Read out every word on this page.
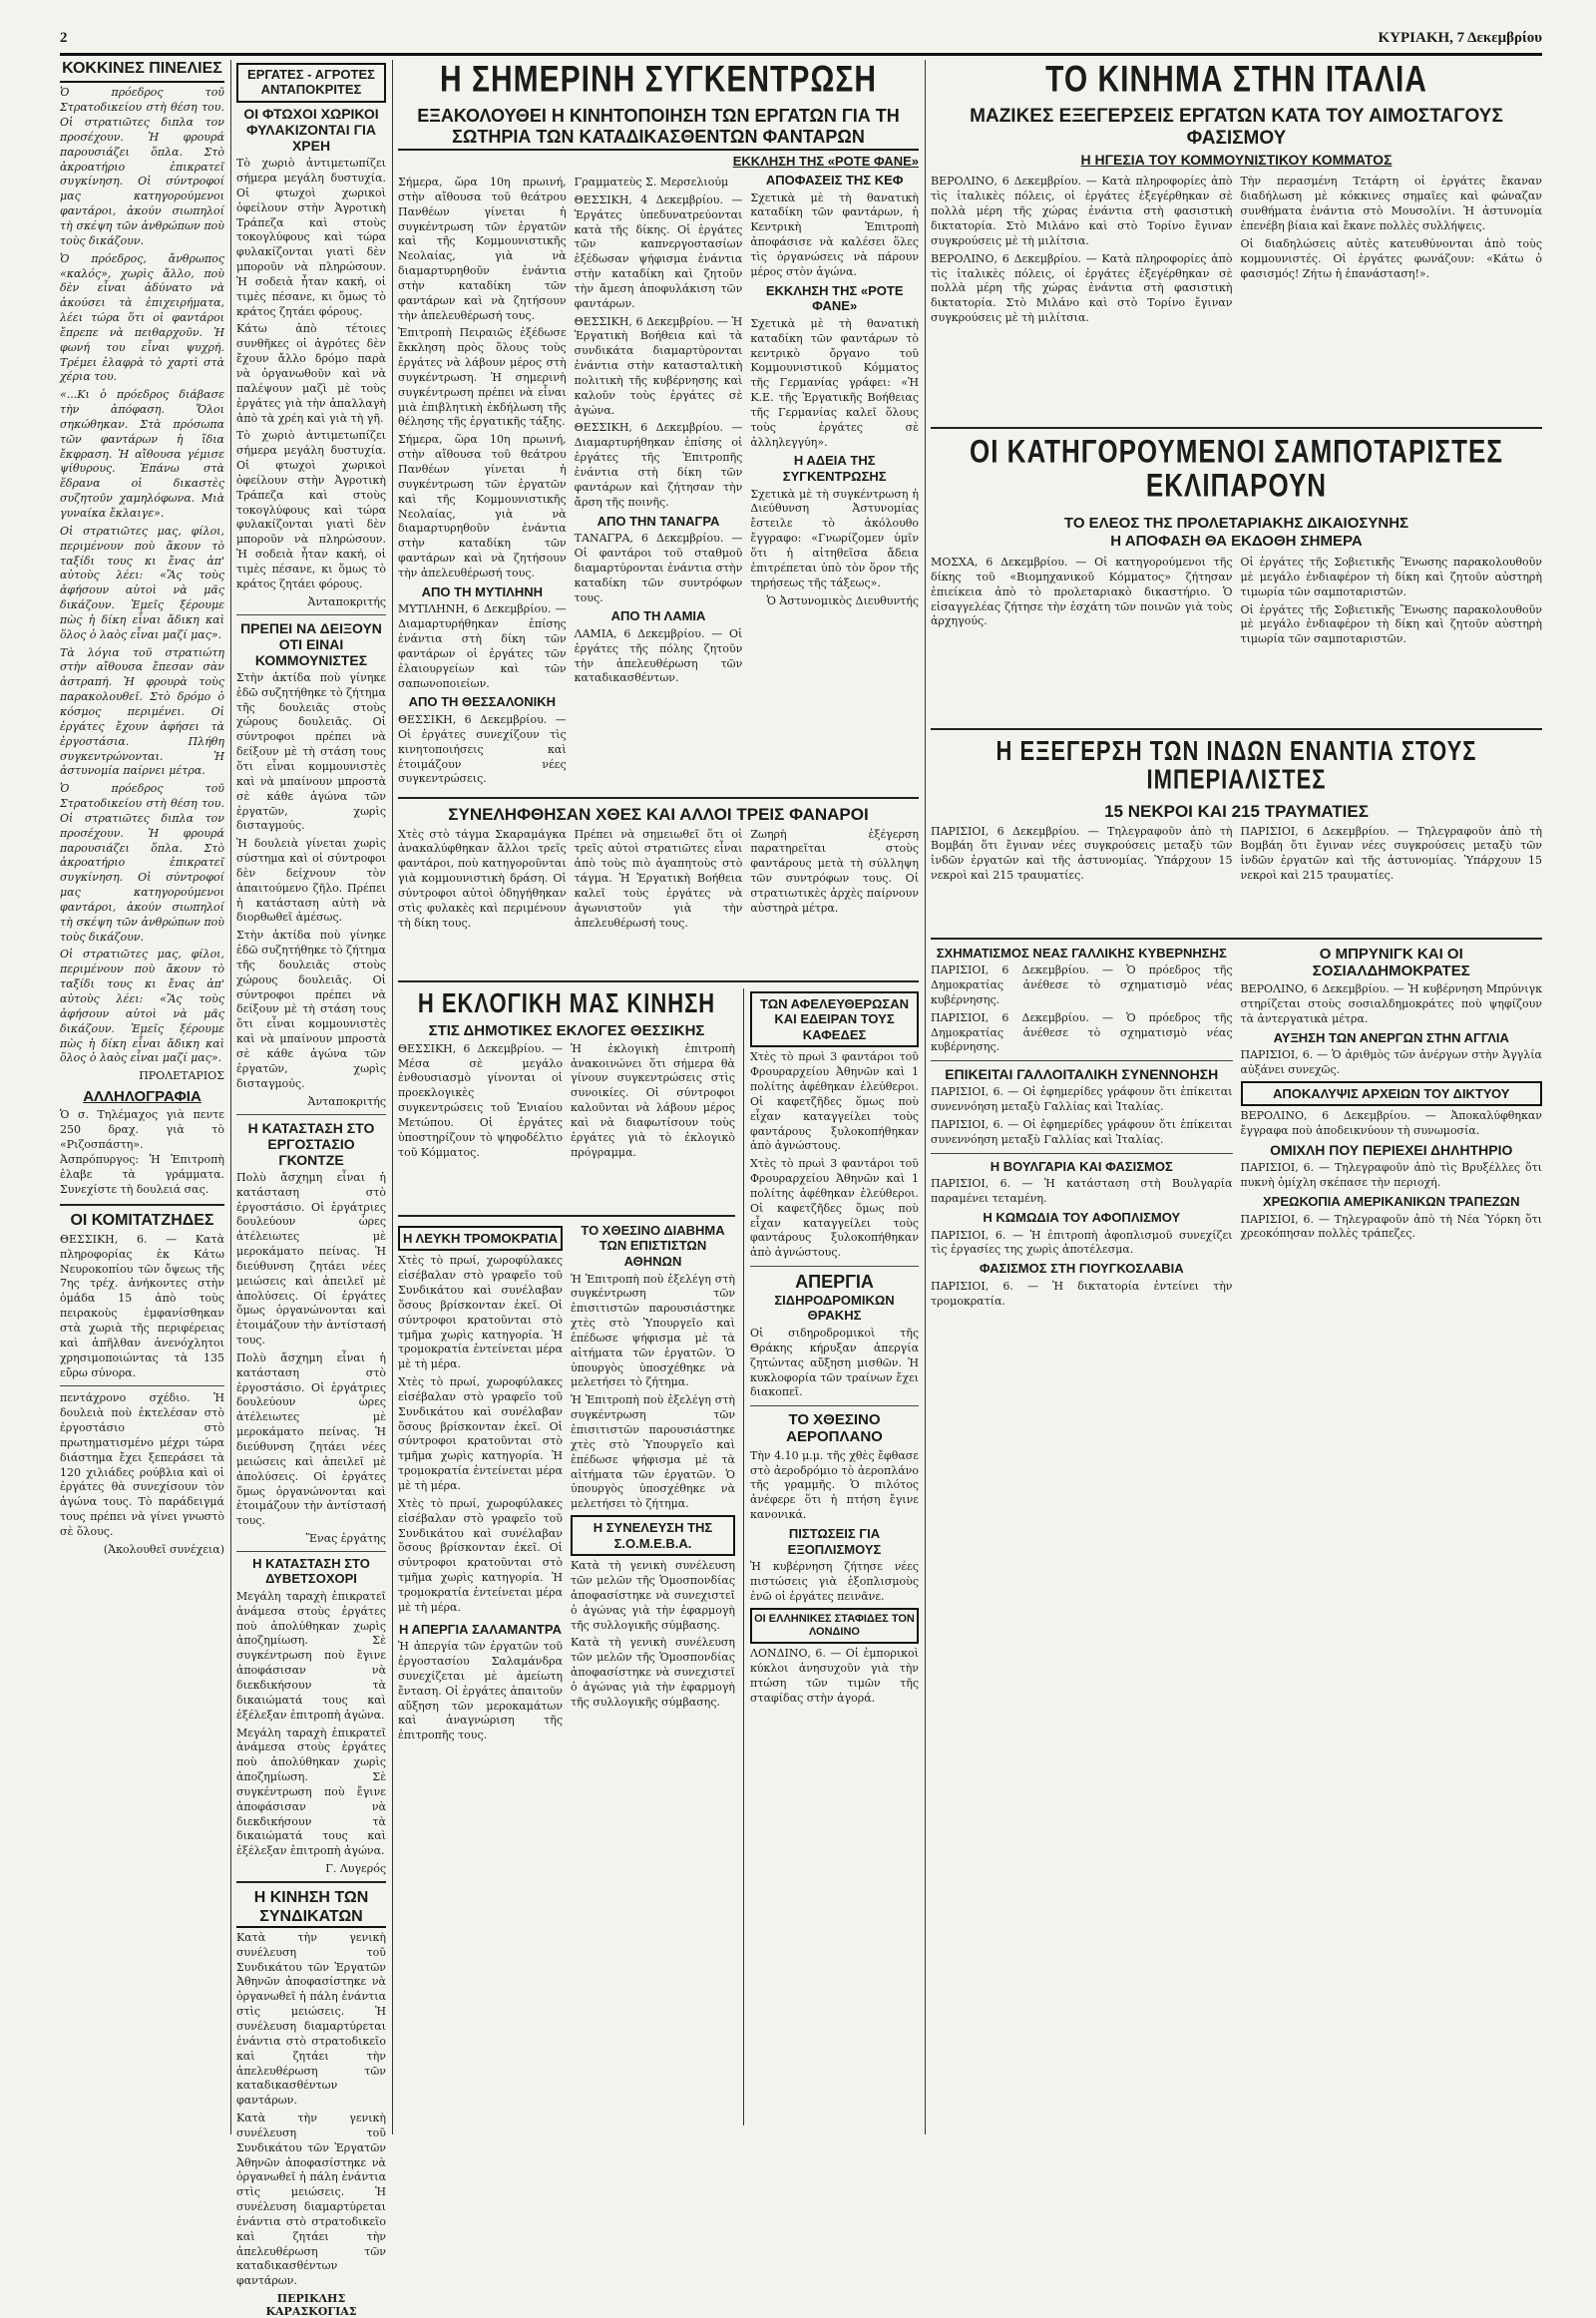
2	ΚΥΡΙΑΚΗ, 7 Δεκεμβρίου
ΚΟΚΚΙΝΕΣ ΠΙΝΕΛΙΕΣ

Ὁ πρόεδρος τοῦ Στρατοδικείου στὴ θέση του. Οἱ στρατιῶτες διπλα τον προσέχουν. Ἡ φρουρά παρουσιάζει ὅπλα. Στὸ ἀκροατήριο ἐπικρατεῖ συγκίνηση. Οἱ σύντροφοί μας κατηγορούμενοι φαντάροι, ἀκούν σιωπηλοί τὴ σκέψη τῶν ἀνθρώπων ποὺ τοὺς δικάζουν.

Ὁ πρόεδρος, ἄνθρωπος «καλός», χωρὶς ἄλλο, ποὺ δὲν εἶναι ἀδύνατο νὰ ἀκούσει τὰ ἐπιχειρήματα, λέει τώρα ὅτι οἱ φαντάροι ἔπρεπε νὰ πειθαρχοῦν. Ἡ φωνή του εἶναι ψυχρή. Τρέμει ἐλαφρὰ τὸ χαρτὶ στὰ χέρια του.

«...Κι ὁ πρόεδρος διάβασε τὴν ἀπόφαση. Ὅλοι σηκώθηκαν. Στὰ πρόσωπα τῶν φαντάρων ἡ ἴδια ἔκφραση. Ἡ αἴθουσα γέμισε ψίθυρους. Ἐπάνω στὰ ἕδρανα οἱ δικαστὲς συζητοῦν χαμηλόφωνα. Μιὰ γυναίκα ἔκλαιγε».

Οἱ στρατιῶτες μας, φίλοι, περιμένουν ποὺ ἄκουν τὸ ταξίδι τους κι ἔνας ἀπ' αὐτοὺς λέει: «Ἂς τοὺς ἀφήσουν αὐτοὶ νὰ μᾶς δικάζουν. Ἐμεῖς ξέρουμε πὼς ἡ δίκη εἶναι ἄδικη καὶ ὅλος ὁ λαὸς εἶναι μαζί μας».

Τὰ λόγια τοῦ στρατιώτη στὴν αἴθουσα ἔπεσαν σὰν ἀστραπή. Ἡ φρουρὰ τοὺς παρακολουθεῖ. Στὸ δρόμο ὁ κόσμος περιμένει. Οἱ ἐργάτες ἔχουν ἀφήσει τὰ ἐργοστάσια. Πλήθη συγκεντρώνονται. Ἡ ἀστυνομία παίρνει μέτρα.

Ὁ πρόεδρος τοῦ Στρατοδικείου στὴ θέση του. Οἱ στρατιῶτες διπλα τον προσέχουν. Ἡ φρουρά παρουσιάζει ὅπλα. Στὸ ἀκροατήριο ἐπικρατεῖ συγκίνηση. Οἱ σύντροφοί μας κατηγορούμενοι φαντάροι, ἀκούν σιωπηλοί τὴ σκέψη τῶν ἀνθρώπων ποὺ τοὺς δικάζουν.

Οἱ στρατιῶτες μας, φίλοι, περιμένουν ποὺ ἄκουν τὸ ταξίδι τους κι ἔνας ἀπ' αὐτοὺς λέει: «Ἂς τοὺς ἀφήσουν αὐτοὶ νὰ μᾶς δικάζουν. Ἐμεῖς ξέρουμε πὼς ἡ δίκη εἶναι ἄδικη καὶ ὅλος ὁ λαὸς εἶναι μαζί μας».

ΠΡΟΛΕΤΑΡΙΟΣ
ΑΛΛΗΛΟΓΡΑΦΙΑ

Ὁ σ. Τηλέμαχος γιὰ πεντε 250 δραχ. γιὰ τὸ «Ριζοσπάστη». Ἀσπρόπυργος: Ἡ Ἐπιτροπὴ ἐλαβε τὰ γράμματα. Συνεχίστε τὴ δουλειά σας.

ΟΙ ΚΟΜΙΤΑΤΖΗΔΕΣ

ΘΕΣΣΙΚΗ, 6. — Κατὰ πληροφορίας ἐκ Κάτω Νευροκοπίου τῶν ὄψεως τῆς 7ης τρέχ. ἀνήκοντες στὴν ὁμάδα 15 ἀπὸ τοὺς πειρακοὺς ἐμφανίσθηκαν στὰ χωριὰ τῆς περιφέρειας καὶ ἀπῆλθαν ἀνενόχλητοι χρησιμοποιώντας τὰ 135 εὔρω σύνορα.

πεντάχρονο σχέδιο. Ἡ δουλειὰ ποὺ ἐκτελέσαν στὸ ἐργοστάσιο στὸ πρωτηματισμένο μέχρι τώρα διάστημα ἔχει ξεπεράσει τὰ 120 χιλιάδες ρούβλια καὶ οἱ ἐργάτες θὰ συνεχίσουν τὸν ἀγώνα τους. Τὸ παράδειγμά τους πρέπει νὰ γίνει γνωστὸ σὲ ὅλους.

(Ἀκολουθεῖ συνέχεια)
ΕΡΓΑΤΕΣ - ΑΓΡΟΤΕΣ ΑΝΤΑΠΟΚΡΙΤΕΣ
ΟΙ ΦΤΩΧΟΙ ΧΩΡΙΚΟΙ ΦΥΛΑΚΙΖΟΝΤΑΙ ΓΙΑ ΧΡΕΗ

Τὸ χωριὸ ἀντιμετωπίζει σήμερα μεγάλη δυστυχία. Οἱ φτωχοὶ χωρικοὶ ὀφείλουν στὴν Ἀγροτικὴ Τράπεζα καὶ στοὺς τοκογλύφους καὶ τώρα φυλακίζονται γιατὶ δὲν μποροῦν νὰ πληρώσουν. Ἡ σοδειὰ ἦταν κακή, οἱ τιμὲς πέσανε, κι ὅμως τὸ κράτος ζητάει φόρους.

Κάτω ἀπὸ τέτοιες συνθῆκες οἱ ἀγρότες δὲν ἔχουν ἄλλο δρόμο παρὰ νὰ ὀργανωθοῦν καὶ νὰ παλέψουν μαζὶ μὲ τοὺς ἐργάτες γιὰ τὴν ἀπαλλαγὴ ἀπὸ τὰ χρέη καὶ γιὰ τὴ γῆ.

Τὸ χωριὸ ἀντιμετωπίζει σήμερα μεγάλη δυστυχία. Οἱ φτωχοὶ χωρικοὶ ὀφείλουν στὴν Ἀγροτικὴ Τράπεζα καὶ στοὺς τοκογλύφους καὶ τώρα φυλακίζονται γιατὶ δὲν μποροῦν νὰ πληρώσουν. Ἡ σοδειὰ ἦταν κακή, οἱ τιμὲς πέσανε, κι ὅμως τὸ κράτος ζητάει φόρους.

Ἀνταποκριτής
ΠΡΕΠΕΙ ΝΑ ΔΕΙΞΟΥΝ ΟΤΙ ΕΙΝΑΙ ΚΟΜΜΟΥΝΙΣΤΕΣ

Στὴν ἀκτίδα ποὺ γίνηκε ἐδῶ συζητήθηκε τὸ ζήτημα τῆς δουλειᾶς στοὺς χώρους δουλειᾶς. Οἱ σύντροφοι πρέπει νὰ δείξουν μὲ τὴ στάση τους ὅτι εἶναι κομμουνιστὲς καὶ νὰ μπαίνουν μπροστὰ σὲ κάθε ἀγώνα τῶν ἐργατῶν, χωρὶς δισταγμούς.

Ἡ δουλειὰ γίνεται χωρὶς σύστημα καὶ οἱ σύντροφοι δὲν δείχνουν τὸν ἀπαιτούμενο ζῆλο. Πρέπει ἡ κατάσταση αὐτὴ νὰ διορθωθεῖ ἀμέσως.

Στὴν ἀκτίδα ποὺ γίνηκε ἐδῶ συζητήθηκε τὸ ζήτημα τῆς δουλειᾶς στοὺς χώρους δουλειᾶς. Οἱ σύντροφοι πρέπει νὰ δείξουν μὲ τὴ στάση τους ὅτι εἶναι κομμουνιστὲς καὶ νὰ μπαίνουν μπροστὰ σὲ κάθε ἀγώνα τῶν ἐργατῶν, χωρὶς δισταγμούς.

Ἀνταποκριτής
Η ΚΑΤΑΣΤΑΣΗ ΣΤΟ ΕΡΓΟΣΤΑΣΙΟ ΓΚΟΝΤΖΕ

Πολὺ ἄσχημη εἶναι ἡ κατάσταση στὸ ἐργοστάσιο. Οἱ ἐργάτριες δουλεύουν ὧρες ἀτέλειωτες μὲ μεροκάματο πείνας. Ἡ διεύθυνση ζητάει νέες μειώσεις καὶ ἀπειλεῖ μὲ ἀπολύσεις. Οἱ ἐργάτες ὅμως ὀργανώνονται καὶ ἑτοιμάζουν τὴν ἀντίστασή τους.

Πολὺ ἄσχημη εἶναι ἡ κατάσταση στὸ ἐργοστάσιο. Οἱ ἐργάτριες δουλεύουν ὧρες ἀτέλειωτες μὲ μεροκάματο πείνας. Ἡ διεύθυνση ζητάει νέες μειώσεις καὶ ἀπειλεῖ μὲ ἀπολύσεις. Οἱ ἐργάτες ὅμως ὀργανώνονται καὶ ἑτοιμάζουν τὴν ἀντίστασή τους.

Ἕνας ἐργάτης
Η ΚΑΤΑΣΤΑΣΗ ΣΤΟ ΔΥΒΕΤΣΟΧΟΡΙ

Μεγάλη ταραχὴ ἐπικρατεῖ ἀνάμεσα στοὺς ἐργάτες ποὺ ἀπολύθηκαν χωρὶς ἀποζημίωση. Σὲ συγκέντρωση ποὺ ἔγινε ἀποφάσισαν νὰ διεκδικήσουν τὰ δικαιώματά τους καὶ ἐξέλεξαν ἐπιτροπὴ ἀγώνα.

Μεγάλη ταραχὴ ἐπικρατεῖ ἀνάμεσα στοὺς ἐργάτες ποὺ ἀπολύθηκαν χωρὶς ἀποζημίωση. Σὲ συγκέντρωση ποὺ ἔγινε ἀποφάσισαν νὰ διεκδικήσουν τὰ δικαιώματά τους καὶ ἐξέλεξαν ἐπιτροπὴ ἀγώνα.

Γ. Λυγερός
Η ΚΙΝΗΣΗ ΤΩΝ ΣΥΝΔΙΚΑΤΩΝ

Κατὰ τὴν γενικὴ συνέλευση τοῦ Συνδικάτου τῶν Ἐργατῶν Ἀθηνῶν ἀποφασίστηκε νὰ ὀργανωθεῖ ἡ πάλη ἐνάντια στὶς μειώσεις. Ἡ συνέλευση διαμαρτύρεται ἐνάντια στὸ στρατοδικεῖο καὶ ζητάει τὴν ἀπελευθέρωση τῶν καταδικασθέντων φαντάρων.

Κατὰ τὴν γενικὴ συνέλευση τοῦ Συνδικάτου τῶν Ἐργατῶν Ἀθηνῶν ἀποφασίστηκε νὰ ὀργανωθεῖ ἡ πάλη ἐνάντια στὶς μειώσεις. Ἡ συνέλευση διαμαρτύρεται ἐνάντια στὸ στρατοδικεῖο καὶ ζητάει τὴν ἀπελευθέρωση τῶν καταδικασθέντων φαντάρων.

ΠΕΡΙΚΛΗΣ ΚΑΡΑΣΚΟΓΙΑΣ
Η ΣΗΜΕΡΙΝΗ ΣΥΓΚΕΝΤΡΩΣΗ
ΕΞΑΚΟΛΟΥΘΕΙ Η ΚΙΝΗΤΟΠΟΙΗΣΗ ΤΩΝ ΕΡΓΑΤΩΝ ΓΙΑ ΤΗ ΣΩΤΗΡΙΑ ΤΩΝ ΚΑΤΑΔΙΚΑΣΘΕΝΤΩΝ ΦΑΝΤΑΡΩΝ
ΕΚΚΛΗΣΗ ΤΗΣ «ΡΟΤΕ ΦΑΝΕ»

Σήμερα, ὥρα 10η πρωινή, στὴν αἴθουσα τοῦ θεάτρου Πανθέων γίνεται ἡ συγκέντρωση τῶν ἐργατῶν καὶ τῆς Κομμουνιστικῆς Νεολαίας, γιὰ νὰ διαμαρτυρηθοῦν ἐνάντια στὴν καταδίκη τῶν φαντάρων καὶ νὰ ζητήσουν τὴν ἀπελευθέρωσή τους.

Ἐπιτροπὴ Πειραιῶς ἐξέδωσε ἔκκληση πρὸς ὅλους τοὺς ἐργάτες νὰ λάβουν μέρος στὴ συγκέντρωση. Ἡ σημερινὴ συγκέντρωση πρέπει νὰ εἶναι μιὰ ἐπιβλητικὴ ἐκδήλωση τῆς θέλησης τῆς ἐργατικῆς τάξης.

Σήμερα, ὥρα 10η πρωινή, στὴν αἴθουσα τοῦ θεάτρου Πανθέων γίνεται ἡ συγκέντρωση τῶν ἐργατῶν καὶ τῆς Κομμουνιστικῆς Νεολαίας, γιὰ νὰ διαμαρτυρηθοῦν ἐνάντια στὴν καταδίκη τῶν φαντάρων καὶ νὰ ζητήσουν τὴν ἀπελευθέρωσή τους.

ΑΠΟ ΤΗ ΜΥΤΙΛΗΝΗ

ΜΥΤΙΛΗΝΗ, 6 Δεκεμβρίου. — Διαμαρτυρήθηκαν ἐπίσης ἐνάντια στὴ δίκη τῶν φαντάρων οἱ ἐργάτες τῶν ἐλαιουργείων καὶ τῶν σαπωνοποιείων.

ΑΠΟ ΤΗ ΘΕΣΣΑΛΟΝΙΚΗ

ΘΕΣΣΙΚΗ, 6 Δεκεμβρίου. — Οἱ ἐργάτες συνεχίζουν τὶς κινητοποιήσεις καὶ ἑτοιμάζουν νέες συγκεντρώσεις.

Γραμματεὺς Σ. Μερσελιούμ

ΘΕΣΣΙΚΗ, 4 Δεκεμβρίου. — Ἐργάτες ὑπεδυνατρεύονται κατὰ τῆς δίκης. Οἱ ἐργάτες τῶν καπνεργοστασίων ἐξέδωσαν ψήφισμα ἐνάντια στὴν καταδίκη καὶ ζητοῦν τὴν ἄμεση ἀποφυλάκιση τῶν φαντάρων.

ΘΕΣΣΙΚΗ, 6 Δεκεμβρίου. — Ἡ Ἐργατικὴ Βοήθεια καὶ τὰ συνδικάτα διαμαρτύρονται ἐνάντια στὴν κατασταλτικὴ πολιτικὴ τῆς κυβέρνησης καὶ καλοῦν τοὺς ἐργάτες σὲ ἀγώνα.

ΘΕΣΣΙΚΗ, 6 Δεκεμβρίου. — Διαμαρτυρήθηκαν ἐπίσης οἱ ἐργάτες τῆς Ἐπιτροπῆς ἐνάντια στὴ δίκη τῶν φαντάρων καὶ ζήτησαν τὴν ἄρση τῆς ποινῆς.

ΑΠΟ ΤΗΝ ΤΑΝΑΓΡΑ

ΤΑΝΑΓΡΑ, 6 Δεκεμβρίου. — Οἱ φαντάροι τοῦ σταθμοῦ διαμαρτύρονται ἐνάντια στὴν καταδίκη τῶν συντρόφων τους.

ΑΠΟ ΤΗ ΛΑΜΙΑ

ΛΑΜΙΑ, 6 Δεκεμβρίου. — Οἱ ἐργάτες τῆς πόλης ζητοῦν τὴν ἀπελευθέρωση τῶν καταδικασθέντων.

ΑΠΟΦΑΣΕΙΣ ΤΗΣ ΚΕΦ

Σχετικὰ μὲ τὴ θανατικὴ καταδίκη τῶν φαντάρων, ἡ Κεντρικὴ Ἐπιτροπὴ ἀποφάσισε νὰ καλέσει ὅλες τὶς ὀργανώσεις νὰ πάρουν μέρος στὸν ἀγώνα.

ΕΚΚΛΗΣΗ ΤΗΣ «ΡΟΤΕ ΦΑΝΕ»

Σχετικὰ μὲ τὴ θανατικὴ καταδίκη τῶν φαντάρων τὸ κεντρικὸ ὄργανο τοῦ Κομμουνιστικοῦ Κόμματος τῆς Γερμανίας γράφει: «Ἡ Κ.Ε. τῆς Ἐργατικῆς Βοήθειας τῆς Γερμανίας καλεῖ ὅλους τοὺς ἐργάτες σὲ ἀλληλεγγύη».

Η ΑΔΕΙΑ ΤΗΣ ΣΥΓΚΕΝΤΡΩΣΗΣ

Σχετικὰ μὲ τὴ συγκέντρωση ἡ Διεύθυνση Ἀστυνομίας ἔστειλε τὸ ἀκόλουθο ἔγγραφο: «Γνωρίζομεν ὑμῖν ὅτι ἡ αἰτηθεῖσα ἄδεια ἐπιτρέπεται ὑπὸ τὸν ὅρον τῆς τηρήσεως τῆς τάξεως».

Ὁ Ἀστυνομικὸς Διευθυντής
ΣΥΝΕΛΗΦΘΗΣΑΝ ΧΘΕΣ ΚΑΙ ΑΛΛΟΙ ΤΡΕΙΣ ΦΑΝΑΡΟΙ

Χτὲς στὸ τάγμα Σκαραμάγκα ἀνακαλύφθηκαν ἄλλοι τρεῖς φαντάροι, ποὺ κατηγοροῦνται γιὰ κομμουνιστικὴ δράση. Οἱ σύντροφοι αὐτοὶ ὁδηγήθηκαν στὶς φυλακὲς καὶ περιμένουν τὴ δίκη τους.

Πρέπει νὰ σημειωθεῖ ὅτι οἱ τρεῖς αὐτοὶ στρατιῶτες εἶναι ἀπὸ τοὺς πιὸ ἀγαπητοὺς στὸ τάγμα. Ἡ Ἐργατικὴ Βοήθεια καλεῖ τοὺς ἐργάτες νὰ ἀγωνιστοῦν γιὰ τὴν ἀπελευθέρωσή τους.

Ζωηρὴ ἐξέγερση παρατηρεῖται στοὺς φαντάρους μετὰ τὴ σύλληψη τῶν συντρόφων τους. Οἱ στρατιωτικὲς ἀρχὲς παίρνουν αὐστηρὰ μέτρα.

Η ΕΚΛΟΓΙΚΗ ΜΑΣ ΚΙΝΗΣΗ
ΣΤΙΣ ΔΗΜΟΤΙΚΕΣ ΕΚΛΟΓΕΣ ΘΕΣΣΙΚΗΣ

ΘΕΣΣΙΚΗ, 6 Δεκεμβρίου. — Μέσα σὲ μεγάλο ἐνθουσιασμὸ γίνονται οἱ προεκλογικὲς συγκεντρώσεις τοῦ Ἑνιαίου Μετώπου. Οἱ ἐργάτες ὑποστηρίζουν τὸ ψηφοδέλτιο τοῦ Κόμματος.

Ἡ ἐκλογικὴ ἐπιτροπὴ ἀνακοινώνει ὅτι σήμερα θὰ γίνουν συγκεντρώσεις στὶς συνοικίες. Οἱ σύντροφοι καλοῦνται νὰ λάβουν μέρος καὶ νὰ διαφωτίσουν τοὺς ἐργάτες γιὰ τὸ ἐκλογικὸ πρόγραμμα.

Η ΛΕΥΚΗ ΤΡΟΜΟΚΡΑΤΙΑ

Χτὲς τὸ πρωί, χωροφύλακες εἰσέβαλαν στὸ γραφεῖο τοῦ Συνδικάτου καὶ συνέλαβαν ὅσους βρίσκονταν ἐκεῖ. Οἱ σύντροφοι κρατοῦνται στὸ τμῆμα χωρὶς κατηγορία. Ἡ τρομοκρατία ἐντείνεται μέρα μὲ τὴ μέρα.

Χτὲς τὸ πρωί, χωροφύλακες εἰσέβαλαν στὸ γραφεῖο τοῦ Συνδικάτου καὶ συνέλαβαν ὅσους βρίσκονταν ἐκεῖ. Οἱ σύντροφοι κρατοῦνται στὸ τμῆμα χωρὶς κατηγορία. Ἡ τρομοκρατία ἐντείνεται μέρα μὲ τὴ μέρα.

Χτὲς τὸ πρωί, χωροφύλακες εἰσέβαλαν στὸ γραφεῖο τοῦ Συνδικάτου καὶ συνέλαβαν ὅσους βρίσκονταν ἐκεῖ. Οἱ σύντροφοι κρατοῦνται στὸ τμῆμα χωρὶς κατηγορία. Ἡ τρομοκρατία ἐντείνεται μέρα μὲ τὴ μέρα.

Η ΑΠΕΡΓΙΑ ΣΑΛΑΜΑΝΤΡΑ

Ἡ ἀπεργία τῶν ἐργατῶν τοῦ ἐργοστασίου Σαλαμάνδρα συνεχίζεται μὲ ἀμείωτη ἔνταση. Οἱ ἐργάτες ἀπαιτοῦν αὔξηση τῶν μεροκαμάτων καὶ ἀναγνώριση τῆς ἐπιτροπῆς τους.

ΤΟ ΧΘΕΣΙΝΟ ΔΙΑΒΗΜΑ ΤΩΝ ΕΠΙΣΤΙΣΤΩΝ ΑΘΗΝΩΝ

Ἡ Ἐπιτροπὴ ποὺ ἐξελέγη στὴ συγκέντρωση τῶν ἐπισιτιστῶν παρουσιάστηκε χτὲς στὸ Ὑπουργεῖο καὶ ἐπέδωσε ψήφισμα μὲ τὰ αἰτήματα τῶν ἐργατῶν. Ὁ ὑπουργὸς ὑποσχέθηκε νὰ μελετήσει τὸ ζήτημα.

Ἡ Ἐπιτροπὴ ποὺ ἐξελέγη στὴ συγκέντρωση τῶν ἐπισιτιστῶν παρουσιάστηκε χτὲς στὸ Ὑπουργεῖο καὶ ἐπέδωσε ψήφισμα μὲ τὰ αἰτήματα τῶν ἐργατῶν. Ὁ ὑπουργὸς ὑποσχέθηκε νὰ μελετήσει τὸ ζήτημα.

Η ΣΥΝΕΛΕΥΣΗ ΤΗΣ Σ.Ο.Μ.Ε.Β.Α.

Κατὰ τὴ γενικὴ συνέλευση τῶν μελῶν τῆς Ὁμοσπονδίας ἀποφασίστηκε νὰ συνεχιστεῖ ὁ ἀγώνας γιὰ τὴν ἐφαρμογὴ τῆς συλλογικῆς σύμβασης.

Κατὰ τὴ γενικὴ συνέλευση τῶν μελῶν τῆς Ὁμοσπονδίας ἀποφασίστηκε νὰ συνεχιστεῖ ὁ ἀγώνας γιὰ τὴν ἐφαρμογὴ τῆς συλλογικῆς σύμβασης.

ΤΩΝ ΑΦΕΛΕΥΘΕΡΩΣΑΝ ΚΑΙ ΕΔΕΙΡΑΝ ΤΟΥΣ ΚΑΦΕΔΕΣ

Χτὲς τὸ πρωὶ 3 φαντάροι τοῦ Φρουραρχείου Ἀθηνῶν καὶ 1 πολίτης ἀφέθηκαν ἐλεύθεροι. Οἱ καφετζῆδες ὅμως ποὺ εἶχαν καταγγείλει τοὺς φαντάρους ξυλοκοπήθηκαν ἀπὸ ἀγνώστους.

Χτὲς τὸ πρωὶ 3 φαντάροι τοῦ Φρουραρχείου Ἀθηνῶν καὶ 1 πολίτης ἀφέθηκαν ἐλεύθεροι. Οἱ καφετζῆδες ὅμως ποὺ εἶχαν καταγγείλει τοὺς φαντάρους ξυλοκοπήθηκαν ἀπὸ ἀγνώστους.

ΑΠΕΡΓΙΑ
ΣΙΔΗΡΟΔΡΟΜΙΚΩΝ ΘΡΑΚΗΣ

Οἱ σιδηροδρομικοὶ τῆς Θράκης κήρυξαν ἀπεργία ζητώντας αὔξηση μισθῶν. Ἡ κυκλοφορία τῶν τραίνων ἔχει διακοπεῖ.

ΤΟ ΧΘΕΣΙΝΟ ΑΕΡΟΠΛΑΝΟ

Τὴν 4.10 μ.μ. τῆς χθὲς ἔφθασε στὸ ἀεροδρόμιο τὸ ἀεροπλάνο τῆς γραμμῆς. Ὁ πιλότος ἀνέφερε ὅτι ἡ πτήση ἔγινε κανονικά.

ΠΙΣΤΩΣΕΙΣ ΓΙΑ ΕΞΟΠΛΙΣΜΟΥΣ

Ἡ κυβέρνηση ζήτησε νέες πιστώσεις γιὰ ἐξοπλισμοὺς ἐνῶ οἱ ἐργάτες πεινᾶνε.

ΟΙ ΕΛΛΗΝΙΚΕΣ ΣΤΑΦΙΔΕΣ ΤΟΝ ΛΟΝΔΙΝΟ

ΛΟΝΔΙΝΟ, 6. — Οἱ ἐμπορικοὶ κύκλοι ἀνησυχοῦν γιὰ τὴν πτώση τῶν τιμῶν τῆς σταφίδας στὴν ἀγορά.

ΤΟ ΚΙΝΗΜΑ ΣΤΗΝ ΙΤΑΛΙΑ
ΜΑΖΙΚΕΣ ΕΞΕΓΕΡΣΕΙΣ ΕΡΓΑΤΩΝ ΚΑΤΑ ΤΟΥ ΑΙΜΟΣΤΑΓΟΥΣ ΦΑΣΙΣΜΟΥ
Η ΗΓΕΣΙΑ ΤΟΥ ΚΟΜΜΟΥΝΙΣΤΙΚΟΥ ΚΟΜΜΑΤΟΣ

ΒΕΡΟΛΙΝΟ, 6 Δεκεμβρίου. — Κατὰ πληροφορίες ἀπὸ τὶς ἰταλικὲς πόλεις, οἱ ἐργάτες ἐξεγέρθηκαν σὲ πολλὰ μέρη τῆς χώρας ἐνάντια στὴ φασιστικὴ δικτατορία. Στὸ Μιλάνο καὶ στὸ Τορίνο ἔγιναν συγκρούσεις μὲ τὴ μιλίτσια.

ΒΕΡΟΛΙΝΟ, 6 Δεκεμβρίου. — Κατὰ πληροφορίες ἀπὸ τὶς ἰταλικὲς πόλεις, οἱ ἐργάτες ἐξεγέρθηκαν σὲ πολλὰ μέρη τῆς χώρας ἐνάντια στὴ φασιστικὴ δικτατορία. Στὸ Μιλάνο καὶ στὸ Τορίνο ἔγιναν συγκρούσεις μὲ τὴ μιλίτσια.

Τὴν περασμένη Τετάρτη οἱ ἐργάτες ἔκαναν διαδήλωση μὲ κόκκινες σημαῖες καὶ φώναζαν συνθήματα ἐνάντια στὸ Μουσολίνι. Ἡ ἀστυνομία ἐπενέβη βίαια καὶ ἔκανε πολλὲς συλλήψεις.

Οἱ διαδηλώσεις αὐτὲς κατευθύνονται ἀπὸ τοὺς κομμουνιστές. Οἱ ἐργάτες φωνάζουν: «Κάτω ὁ φασισμός! Ζήτω ἡ ἐπανάσταση!».

ΟΙ ΚΑΤΗΓΟΡΟΥΜΕΝΟΙ ΣΑΜΠΟΤΑΡΙΣΤΕΣ ΕΚΛΙΠΑΡΟΥΝ
ΤΟ ΕΛΕΟΣ ΤΗΣ ΠΡΟΛΕΤΑΡΙΑΚΗΣ ΔΙΚΑΙΟΣΥΝΗΣ
Η ΑΠΟΦΑΣΗ ΘΑ ΕΚΔΟΘΗ ΣΗΜΕΡΑ

ΜΟΣΧΑ, 6 Δεκεμβρίου. — Οἱ κατηγορούμενοι τῆς δίκης τοῦ «Βιομηχανικοῦ Κόμματος» ζήτησαν ἐπιείκεια ἀπὸ τὸ προλεταριακὸ δικαστήριο. Ὁ εἰσαγγελέας ζήτησε τὴν ἐσχάτη τῶν ποινῶν γιὰ τοὺς ἀρχηγούς.

Οἱ ἐργάτες τῆς Σοβιετικῆς Ἕνωσης παρακολουθοῦν μὲ μεγάλο ἐνδιαφέρον τὴ δίκη καὶ ζητοῦν αὐστηρὴ τιμωρία τῶν σαμποταριστῶν.

Οἱ ἐργάτες τῆς Σοβιετικῆς Ἕνωσης παρακολουθοῦν μὲ μεγάλο ἐνδιαφέρον τὴ δίκη καὶ ζητοῦν αὐστηρὴ τιμωρία τῶν σαμποταριστῶν.

Η ΕΞΕΓΕΡΣΗ ΤΩΝ ΙΝΔΩΝ ΕΝΑΝΤΙΑ ΣΤΟΥΣ ΙΜΠΕΡΙΑΛΙΣΤΕΣ
15 ΝΕΚΡΟΙ ΚΑΙ 215 ΤΡΑΥΜΑΤΙΕΣ

ΠΑΡΙΣΙΟΙ, 6 Δεκεμβρίου. — Τηλεγραφοῦν ἀπὸ τὴ Βομβάη ὅτι ἔγιναν νέες συγκρούσεις μεταξὺ τῶν ἰνδῶν ἐργατῶν καὶ τῆς ἀστυνομίας. Ὑπάρχουν 15 νεκροὶ καὶ 215 τραυματίες.

ΠΑΡΙΣΙΟΙ, 6 Δεκεμβρίου. — Τηλεγραφοῦν ἀπὸ τὴ Βομβάη ὅτι ἔγιναν νέες συγκρούσεις μεταξὺ τῶν ἰνδῶν ἐργατῶν καὶ τῆς ἀστυνομίας. Ὑπάρχουν 15 νεκροὶ καὶ 215 τραυματίες.

ΣΧΗΜΑΤΙΣΜΟΣ ΝΕΑΣ ΓΑΛΛΙΚΗΣ ΚΥΒΕΡΝΗΣΗΣ

ΠΑΡΙΣΙΟΙ, 6 Δεκεμβρίου. — Ὁ πρόεδρος τῆς Δημοκρατίας ἀνέθεσε τὸ σχηματισμὸ νέας κυβέρνησης.

ΠΑΡΙΣΙΟΙ, 6 Δεκεμβρίου. — Ὁ πρόεδρος τῆς Δημοκρατίας ἀνέθεσε τὸ σχηματισμὸ νέας κυβέρνησης.

ΕΠΙΚΕΙΤΑΙ ΓΑΛΛΟΙΤΑΛΙΚΗ ΣΥΝΕΝΝΟΗΣΗ

ΠΑΡΙΣΙΟΙ, 6. — Οἱ ἐφημερίδες γράφουν ὅτι ἐπίκειται συνεννόηση μεταξὺ Γαλλίας καὶ Ἰταλίας.

ΠΑΡΙΣΙΟΙ, 6. — Οἱ ἐφημερίδες γράφουν ὅτι ἐπίκειται συνεννόηση μεταξὺ Γαλλίας καὶ Ἰταλίας.

Η ΒΟΥΛΓΑΡΙΑ ΚΑΙ ΦΑΣΙΣΜΟΣ

ΠΑΡΙΣΙΟΙ, 6. — Ἡ κατάσταση στὴ Βουλγαρία παραμένει τεταμένη.

Η ΚΩΜΩΔΙΑ ΤΟΥ ΑΦΟΠΛΙΣΜΟΥ

ΠΑΡΙΣΙΟΙ, 6. — Ἡ ἐπιτροπὴ ἀφοπλισμοῦ συνεχίζει τὶς ἐργασίες της χωρὶς ἀποτέλεσμα.

ΦΑΣΙΣΜΟΣ ΣΤΗ ΓΙΟΥΓΚΟΣΛΑΒΙΑ

ΠΑΡΙΣΙΟΙ, 6. — Ἡ δικτατορία ἐντείνει τὴν τρομοκρατία.

Ο ΜΠΡΥΝΙΓΚ ΚΑΙ ΟΙ ΣΟΣΙΑΛΔΗΜΟΚΡΑΤΕΣ

ΒΕΡΟΛΙΝΟ, 6 Δεκεμβρίου. — Ἡ κυβέρνηση Μπρύνιγκ στηρίζεται στοὺς σοσιαλδημοκράτες ποὺ ψηφίζουν τὰ ἀντεργατικὰ μέτρα.

ΑΥΞΗΣΗ ΤΩΝ ΑΝΕΡΓΩΝ ΣΤΗΝ ΑΓΓΛΙΑ

ΠΑΡΙΣΙΟΙ, 6. — Ὁ ἀριθμὸς τῶν ἀνέργων στὴν Ἀγγλία αὐξάνει συνεχῶς.

ΑΠΟΚΑΛΥΨΙΣ ΑΡΧΕΙΩΝ ΤΟΥ ΔΙΚΤΥΟΥ

ΒΕΡΟΛΙΝΟ, 6 Δεκεμβρίου. — Ἀποκαλύφθηκαν ἔγγραφα ποὺ ἀποδεικνύουν τὴ συνωμοσία.

ΟΜΙΧΛΗ ΠΟΥ ΠΕΡΙΕΧΕΙ ΔΗΛΗΤΗΡΙΟ

ΠΑΡΙΣΙΟΙ, 6. — Τηλεγραφοῦν ἀπὸ τὶς Βρυξέλλες ὅτι πυκνὴ ὁμίχλη σκέπασε τὴν περιοχή.

ΧΡΕΩΚΟΠΙΑ ΑΜΕΡΙΚΑΝΙΚΩΝ ΤΡΑΠΕΖΩΝ

ΠΑΡΙΣΙΟΙ, 6. — Τηλεγραφοῦν ἀπὸ τὴ Νέα Ὑόρκη ὅτι χρεοκόπησαν πολλὲς τράπεζες.
